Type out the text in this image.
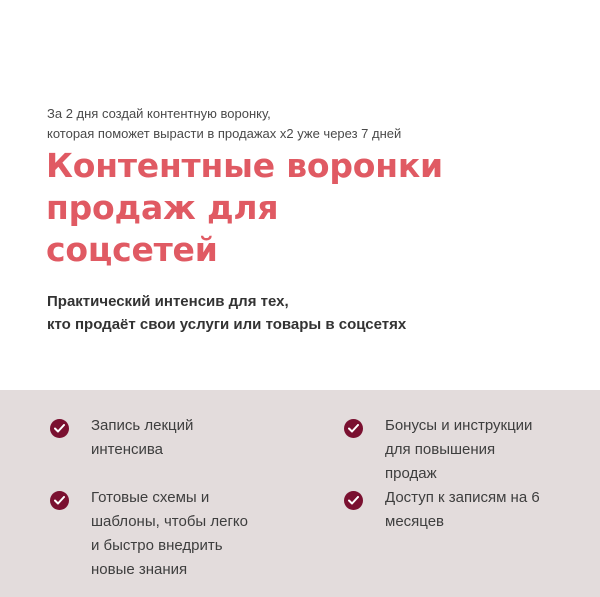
За 2 дня создай контентную воронку,
которая поможет вырасти в продажах x2 уже через 7 дней
Контентные воронки
продаж для
соцсетей
Практический интенсив для тех,
кто продаёт свои услуги или товары в соцсетях
Запись лекций
интенсива
Бонусы и инструкции
для повышения
продаж
Готовые схемы и
шаблоны, чтобы легко
и быстро внедрить
новые знания
Доступ к записям на 6
месяцев
